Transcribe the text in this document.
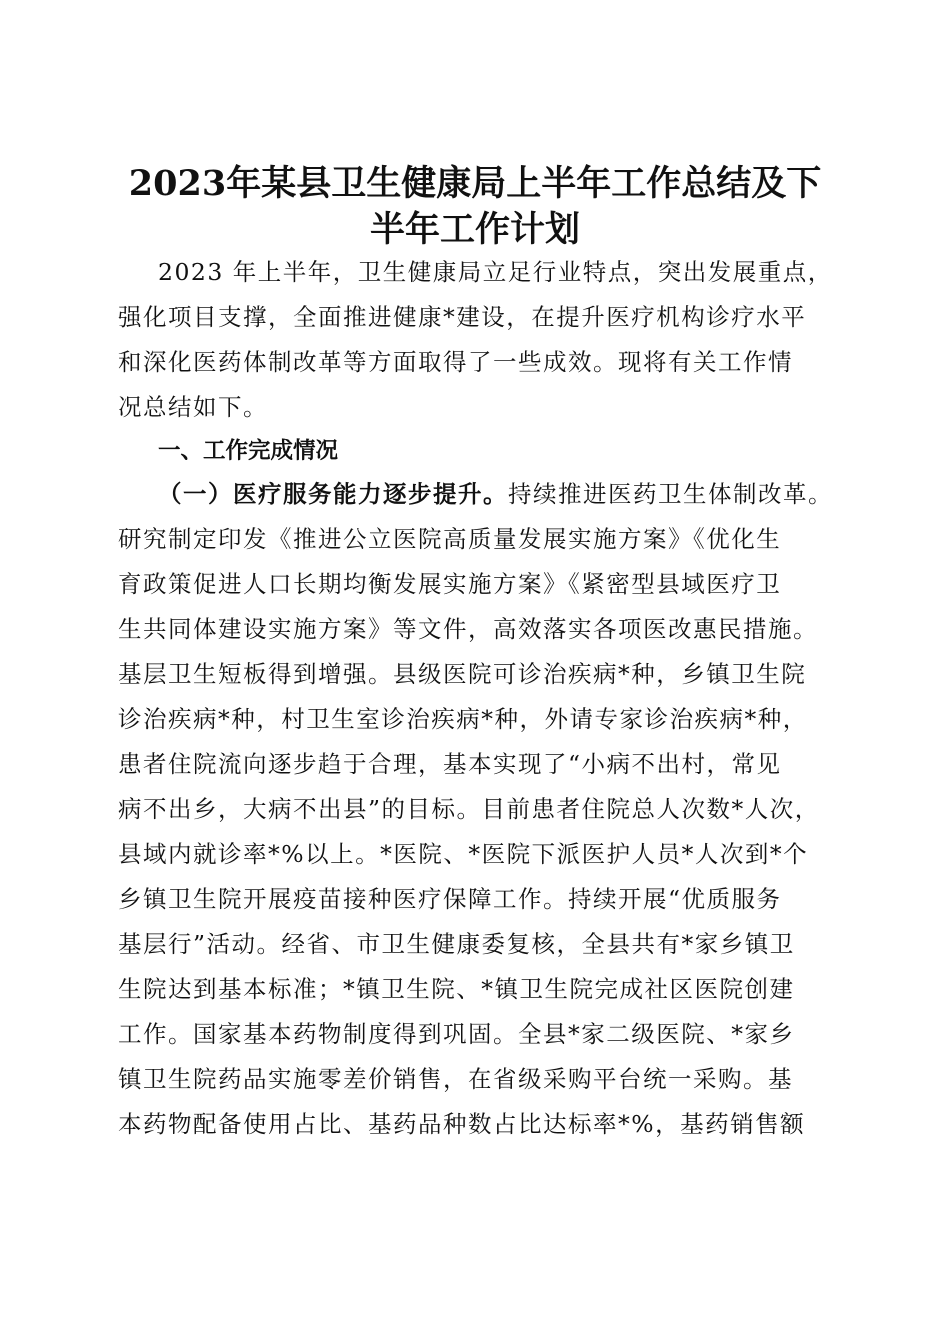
2023年某县卫生健康局上半年工作总结及下
半年工作计划

2023 年上半年，卫生健康局立足行业特点，突出发展重点，
强化项目支撑，全面推进健康*建设，在提升医疗机构诊疗水平
和深化医药体制改革等方面取得了一些成效。现将有关工作情
况总结如下。

一、工作完成情况

（一）医疗服务能力逐步提升。持续推进医药卫生体制改革。
研究制定印发《推进公立医院高质量发展实施方案》《优化生
育政策促进人口长期均衡发展实施方案》《紧密型县域医疗卫
生共同体建设实施方案》等文件，高效落实各项医改惠民措施。
基层卫生短板得到增强。县级医院可诊治疾病*种，乡镇卫生院
诊治疾病*种，村卫生室诊治疾病*种，外请专家诊治疾病*种，
患者住院流向逐步趋于合理，基本实现了“小病不出村，常见
病不出乡，大病不出县”的目标。目前患者住院总人次数*人次，
县域内就诊率*%以上。*医院、*医院下派医护人员*人次到*个
乡镇卫生院开展疫苗接种医疗保障工作。持续开展“优质服务
基层行”活动。经省、市卫生健康委复核，全县共有*家乡镇卫
生院达到基本标准；*镇卫生院、*镇卫生院完成社区医院创建
工作。国家基本药物制度得到巩固。全县*家二级医院、*家乡
镇卫生院药品实施零差价销售，在省级采购平台统一采购。基
本药物配备使用占比、基药品种数占比达标率*%，基药销售额
